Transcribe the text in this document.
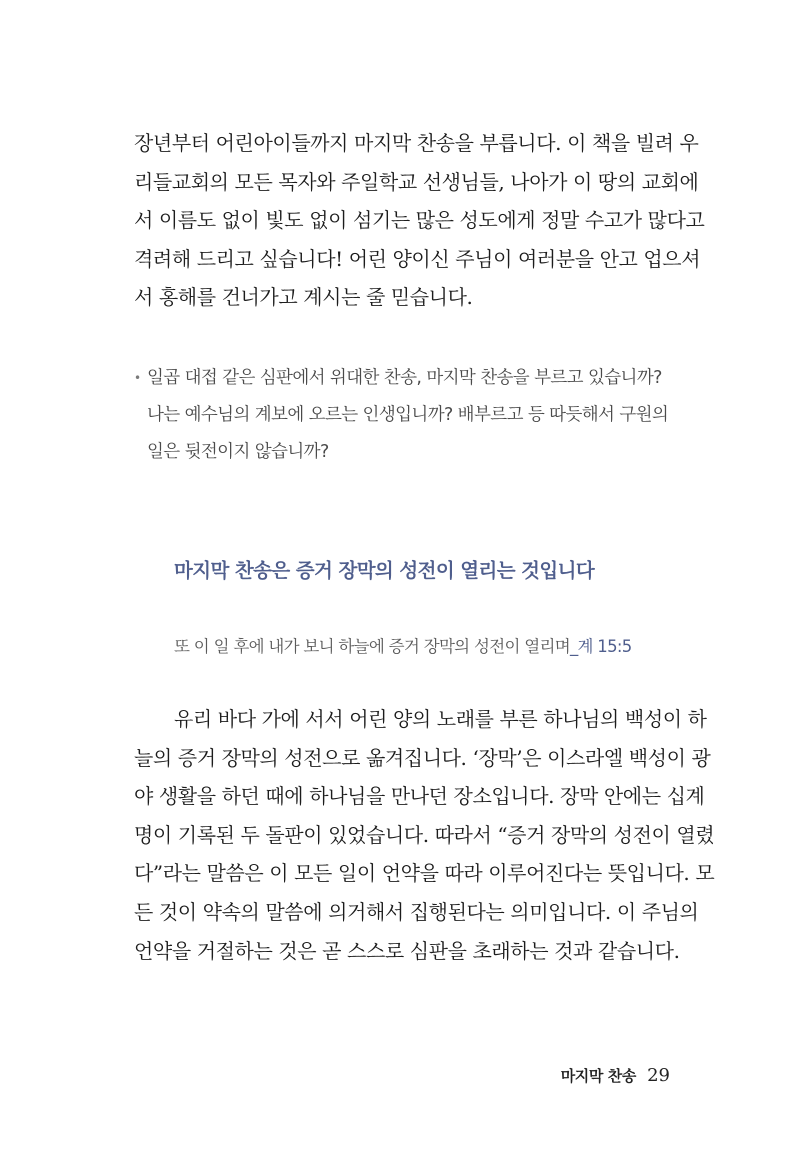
장년부터 어린아이들까지 마지막 찬송을 부릅니다. 이 책을 빌려 우
리들교회의 모든 목자와 주일학교 선생님들, 나아가 이 땅의 교회에
서 이름도 없이 빛도 없이 섬기는 많은 성도에게 정말 수고가 많다고
격려해 드리고 싶습니다! 어린 양이신 주님이 여러분을 안고 업으셔
서 홍해를 건너가고 계시는 줄 믿습니다.
• 일곱 대접 같은 심판에서 위대한 찬송, 마지막 찬송을 부르고 있습니까?
나는 예수님의 계보에 오르는 인생입니까? 배부르고 등 따듯해서 구원의
일은 뒷전이지 않습니까?
마지막 찬송은 증거 장막의 성전이 열리는 것입니다
또 이 일 후에 내가 보니 하늘에 증거 장막의 성전이 열리며_계 15:5
유리 바다 가에 서서 어린 양의 노래를 부른 하나님의 백성이 하
늘의 증거 장막의 성전으로 옮겨집니다. ‘장막’은 이스라엘 백성이 광
야 생활을 하던 때에 하나님을 만나던 장소입니다. 장막 안에는 십계
명이 기록된 두 돌판이 있었습니다. 따라서 “증거 장막의 성전이 열렸
다”라는 말씀은 이 모든 일이 언약을 따라 이루어진다는 뜻입니다. 모
든 것이 약속의 말씀에 의거해서 집행된다는 의미입니다. 이 주님의
언약을 거절하는 것은 곧 스스로 심판을 초래하는 것과 같습니다.
마지막 찬송 29
